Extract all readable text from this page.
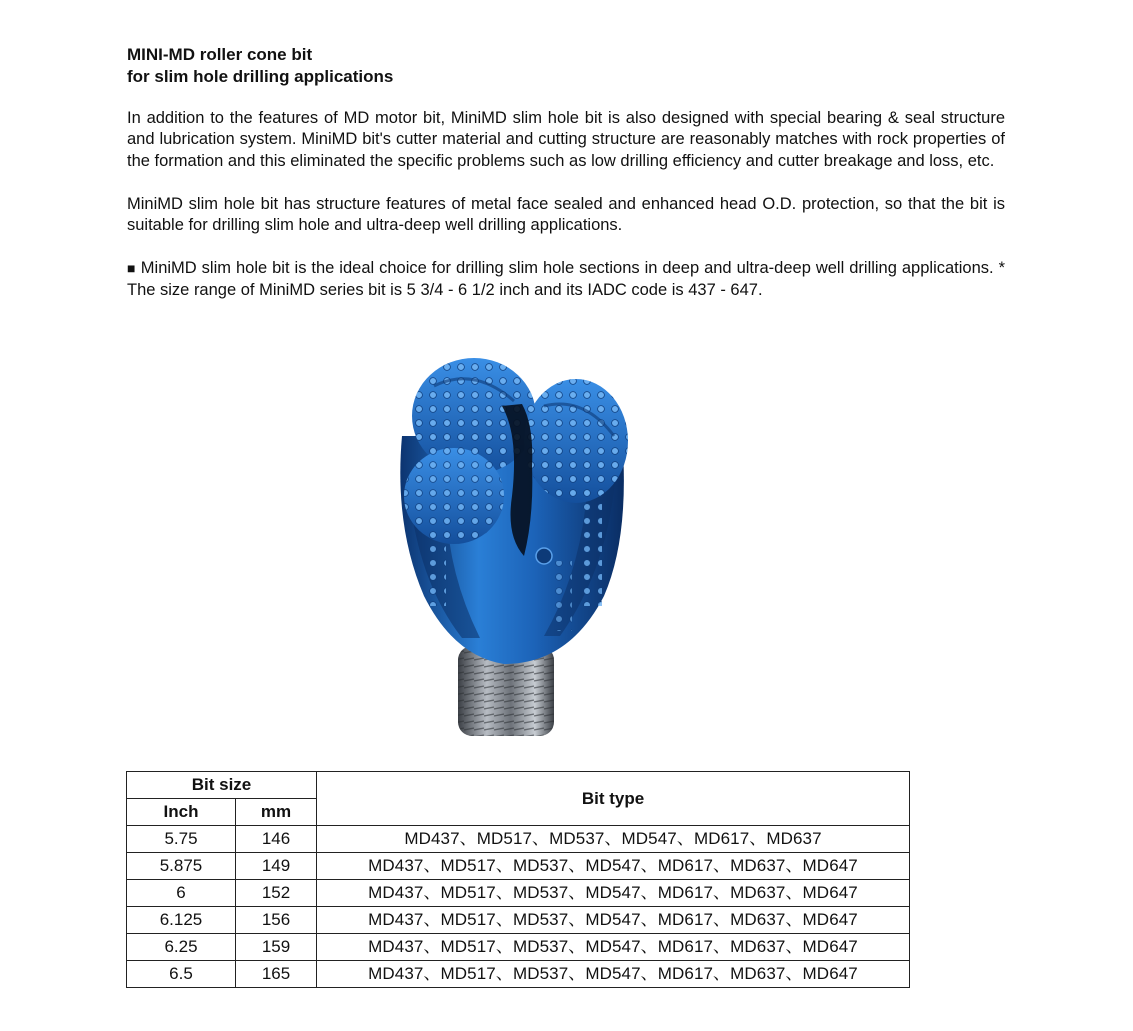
MINI-MD roller cone bit
for slim hole drilling applications

In addition to the features of MD motor bit, MiniMD slim hole bit is also designed with special bearing & seal structure and lubrication system. MiniMD bit's cutter material and cutting structure are reasonably matches with rock properties of the formation and this eliminated the specific problems such as low drilling efficiency and cutter breakage and loss, etc.

MiniMD slim hole bit has structure features of metal face sealed and enhanced head O.D. protection, so that the bit is suitable for drilling slim hole and ultra-deep well drilling applications.

■ MiniMD slim hole bit is the ideal choice for drilling slim hole sections in deep and ultra-deep well drilling applications. * The size range of MiniMD series bit is 5 3/4 - 6 1/2 inch and its IADC code is 437 - 647.

Bit size		Bit type
Inch	mm	
5.75	146	MD437、MD517、MD537、MD547、MD617、MD637
5.875	149	MD437、MD517、MD537、MD547、MD617、MD637、MD647
6	152	MD437、MD517、MD537、MD547、MD617、MD637、MD647
6.125	156	MD437、MD517、MD537、MD547、MD617、MD637、MD647
6.25	159	MD437、MD517、MD537、MD547、MD617、MD637、MD647
6.5	165	MD437、MD517、MD537、MD547、MD617、MD637、MD647
